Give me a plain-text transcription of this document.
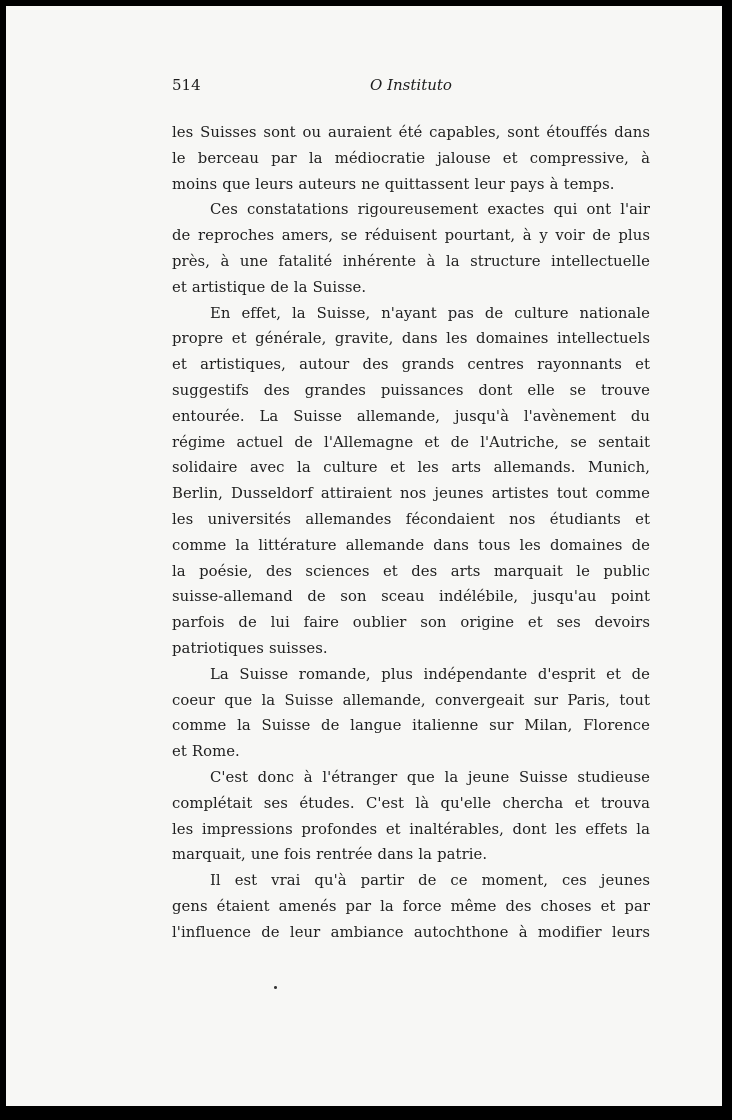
514	O Instituto

les Suisses sont ou auraient été capables, sont étouffés dans

le berceau par la médiocratie jalouse et compressive, à

moins que leurs auteurs ne quittassent leur pays à temps.

Ces constatations rigoureusement exactes qui ont l'air

de reproches amers, se réduisent pourtant, à y voir de plus

près, à une fatalité inhérente à la structure intellectuelle

et artistique de la Suisse.

En effet, la Suisse, n'ayant pas de culture nationale

propre et générale, gravite, dans les domaines intellectuels

et artistiques, autour des grands centres rayonnants et

suggestifs des grandes puissances dont elle se trouve

entourée. La Suisse allemande, jusqu'à l'avènement du

régime actuel de l'Allemagne et de l'Autriche, se sentait

solidaire avec la culture et les arts allemands. Munich,

Berlin, Dusseldorf attiraient nos jeunes artistes tout comme

les universités allemandes fécondaient nos étudiants et

comme la littérature allemande dans tous les domaines de

la poésie, des sciences et des arts marquait le public

suisse-allemand de son sceau indélébile, jusqu'au point

parfois de lui faire oublier son origine et ses devoirs

patriotiques suisses.

La Suisse romande, plus indépendante d'esprit et de

coeur que la Suisse allemande, convergeait sur Paris, tout

comme la Suisse de langue italienne sur Milan, Florence

et Rome.

C'est donc à l'étranger que la jeune Suisse studieuse

complétait ses études. C'est là qu'elle chercha et trouva

les impressions profondes et inaltérables, dont les effets la

marquait, une fois rentrée dans la patrie.

Il est vrai qu'à partir de ce moment, ces jeunes

gens étaient amenés par la force même des choses et par

l'influence de leur ambiance autochthone à modifier leurs
